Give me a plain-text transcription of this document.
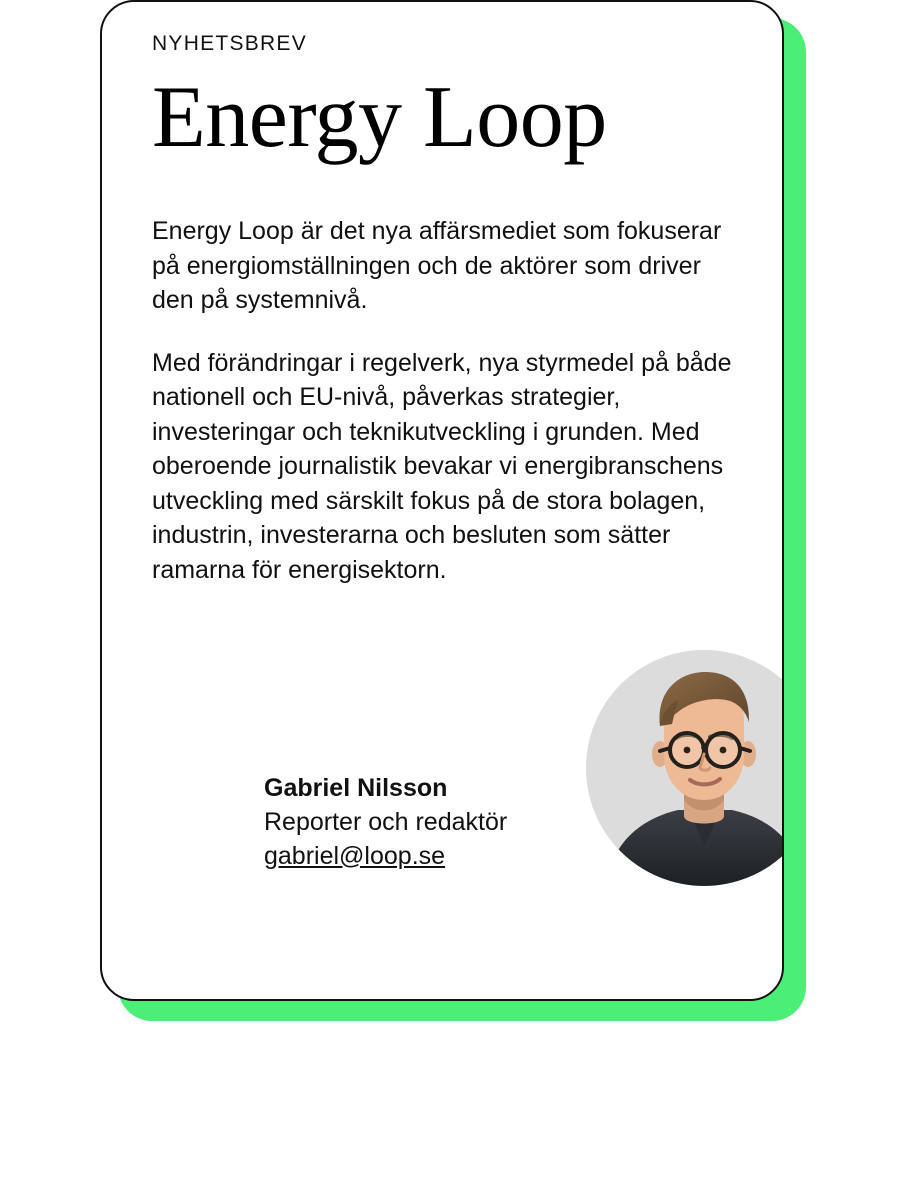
NYHETSBREV
Energy Loop

Energy Loop är det nya affärsmediet som fokuserar på energiomställningen och de aktörer som driver den på systemnivå.

Med förändringar i regelverk, nya styrmedel på både nationell och EU-nivå, påverkas strategier, investeringar och teknikutveckling i grunden. Med oberoende journalistik bevakar vi energibranschens utveckling med särskilt fokus på de stora bolagen, industrin, investerarna och besluten som sätter ramarna för energisektorn.

Gabriel Nilsson
Reporter och redaktör
gabriel@loop.se
